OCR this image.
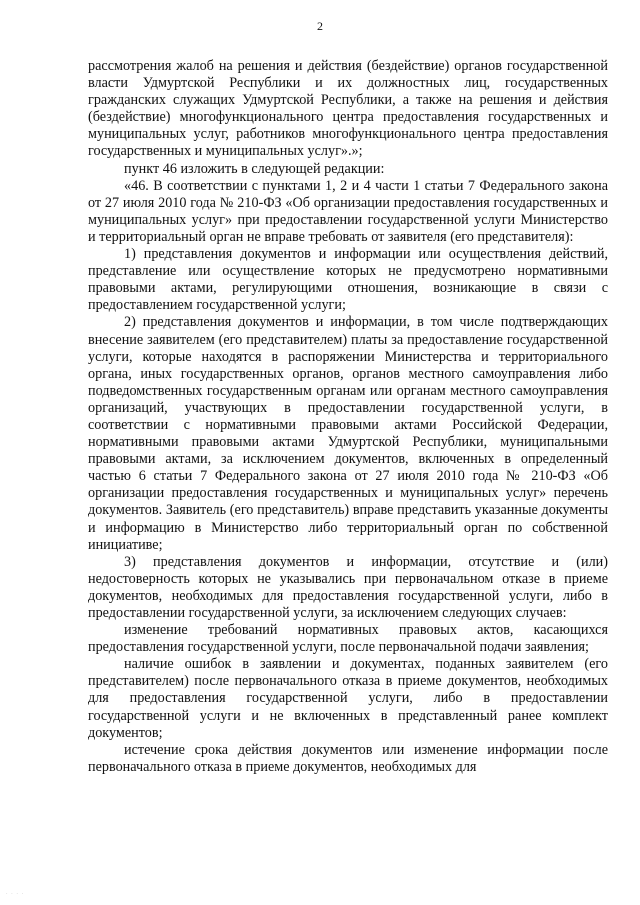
2

рассмотрения жалоб на решения и действия (бездействие) органов государственной власти Удмуртской Республики и их должностных лиц, государственных гражданских служащих Удмуртской Республики, а также на решения и действия (бездействие) многофункционального центра предоставления государственных и муниципальных услуг, работников многофункционального центра предоставления государственных и муниципальных услуг».»;

пункт 46 изложить в следующей редакции:

«46. В соответствии с пунктами 1, 2 и 4 части 1 статьи 7 Федерального закона от 27 июля 2010 года № 210-ФЗ «Об организации предоставления государственных и муниципальных услуг» при предоставлении государственной услуги Министерство и территориальный орган не вправе требовать от заявителя (его представителя):

1) представления документов и информации или осуществления действий, представление или осуществление которых не предусмотрено нормативными правовыми актами, регулирующими отношения, возникающие в связи с предоставлением государственной услуги;

2) представления документов и информации, в том числе подтверждающих внесение заявителем (его представителем) платы за предоставление государственной услуги, которые находятся в распоряжении Министерства и территориального органа, иных государственных органов, органов местного самоуправления либо подведомственных государственным органам или органам местного самоуправления организаций, участвующих в предоставлении государственной услуги, в соответствии с нормативными правовыми актами Российской Федерации, нормативными правовыми актами Удмуртской Республики, муниципальными правовыми актами, за исключением документов, включенных в определенный частью 6 статьи 7 Федерального закона от 27 июля 2010 года № 210-ФЗ «Об организации предоставления государственных и муниципальных услуг» перечень документов. Заявитель (его представитель) вправе представить указанные документы и информацию в Министерство либо территориальный орган по собственной инициативе;

3) представления документов и информации, отсутствие и (или) недостоверность которых не указывались при первоначальном отказе в приеме документов, необходимых для предоставления государственной услуги, либо в предоставлении государственной услуги, за исключением следующих случаев:

изменение требований нормативных правовых актов, касающихся предоставления государственной услуги, после первоначальной подачи заявления;

наличие ошибок в заявлении и документах, поданных заявителем (его представителем) после первоначального отказа в приеме документов, необходимых для предоставления государственной услуги, либо в предоставлении государственной услуги и не включенных в представленный ранее комплект документов;

истечение срока действия документов или изменение информации после первоначального отказа в приеме документов, необходимых для

· · · ·
